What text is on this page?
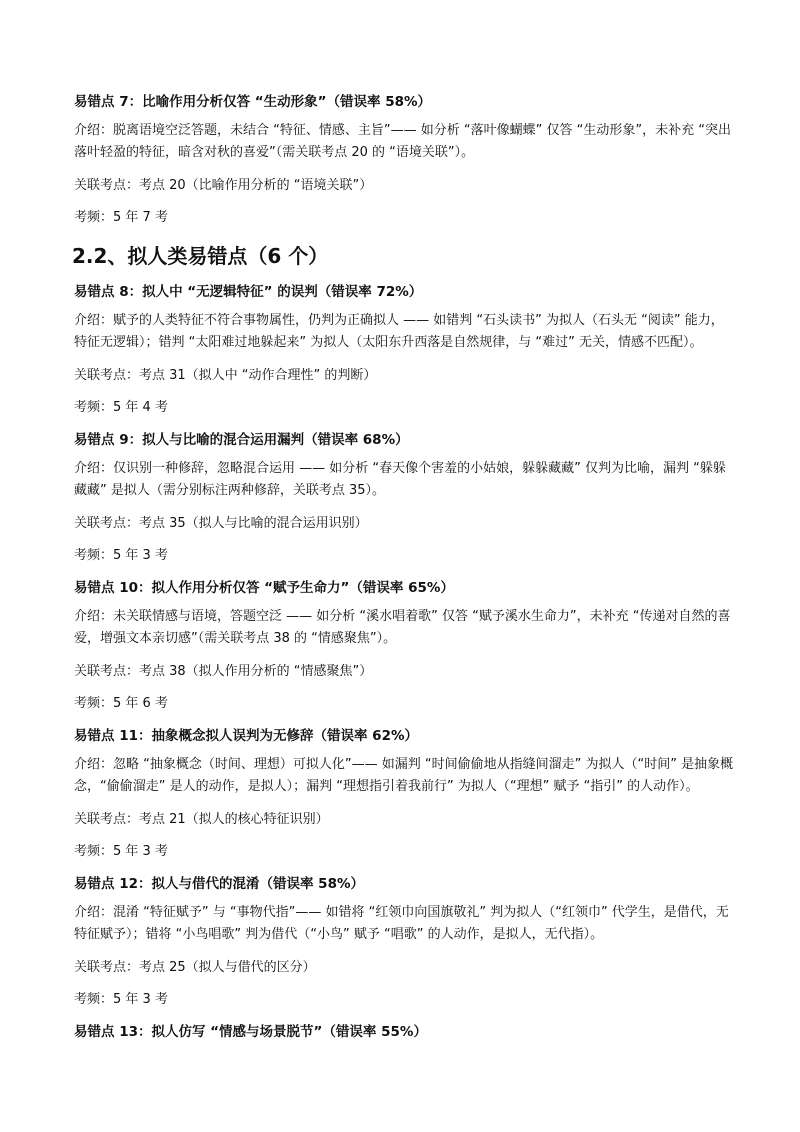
易错点 7：比喻作用分析仅答 “生动形象”（错误率 58%）
介绍：脱离语境空泛答题，未结合 “特征、情感、主旨”—— 如分析 “落叶像蝴蝶” 仅答 “生动形象”，未补充 “突出落叶轻盈的特征，暗含对秋的喜爱”（需关联考点 20 的 “语境关联”）。
关联考点：考点 20（比喻作用分析的 “语境关联”）
考频：5 年 7 考
2.2、拟人类易错点（6 个）
易错点 8：拟人中 “无逻辑特征” 的误判（错误率 72%）
介绍：赋予的人类特征不符合事物属性，仍判为正确拟人 —— 如错判 “石头读书” 为拟人（石头无 “阅读” 能力，特征无逻辑）；错判 “太阳难过地躲起来” 为拟人（太阳东升西落是自然规律，与 “难过” 无关，情感不匹配）。
关联考点：考点 31（拟人中 “动作合理性” 的判断）
考频：5 年 4 考
易错点 9：拟人与比喻的混合运用漏判（错误率 68%）
介绍：仅识别一种修辞，忽略混合运用 —— 如分析 “春天像个害羞的小姑娘，躲躲藏藏” 仅判为比喻，漏判 “躲躲藏藏” 是拟人（需分别标注两种修辞，关联考点 35）。
关联考点：考点 35（拟人与比喻的混合运用识别）
考频：5 年 3 考
易错点 10：拟人作用分析仅答 “赋予生命力”（错误率 65%）
介绍：未关联情感与语境，答题空泛 —— 如分析 “溪水唱着歌” 仅答 “赋予溪水生命力”，未补充 “传递对自然的喜爱，增强文本亲切感”（需关联考点 38 的 “情感聚焦”）。
关联考点：考点 38（拟人作用分析的 “情感聚焦”）
考频：5 年 6 考
易错点 11：抽象概念拟人误判为无修辞（错误率 62%）
介绍：忽略 “抽象概念（时间、理想）可拟人化”—— 如漏判 “时间偷偷地从指缝间溜走” 为拟人（“时间” 是抽象概念，“偷偷溜走” 是人的动作，是拟人）；漏判 “理想指引着我前行” 为拟人（“理想” 赋予 “指引” 的人动作）。
关联考点：考点 21（拟人的核心特征识别）
考频：5 年 3 考
易错点 12：拟人与借代的混淆（错误率 58%）
介绍：混淆 “特征赋予” 与 “事物代指”—— 如错将 “红领巾向国旗敬礼” 判为拟人（“红领巾” 代学生，是借代，无特征赋予）；错将 “小鸟唱歌” 判为借代（“小鸟” 赋予 “唱歌” 的人动作，是拟人，无代指）。
关联考点：考点 25（拟人与借代的区分）
考频：5 年 3 考
易错点 13：拟人仿写 “情感与场景脱节”（错误率 55%）
